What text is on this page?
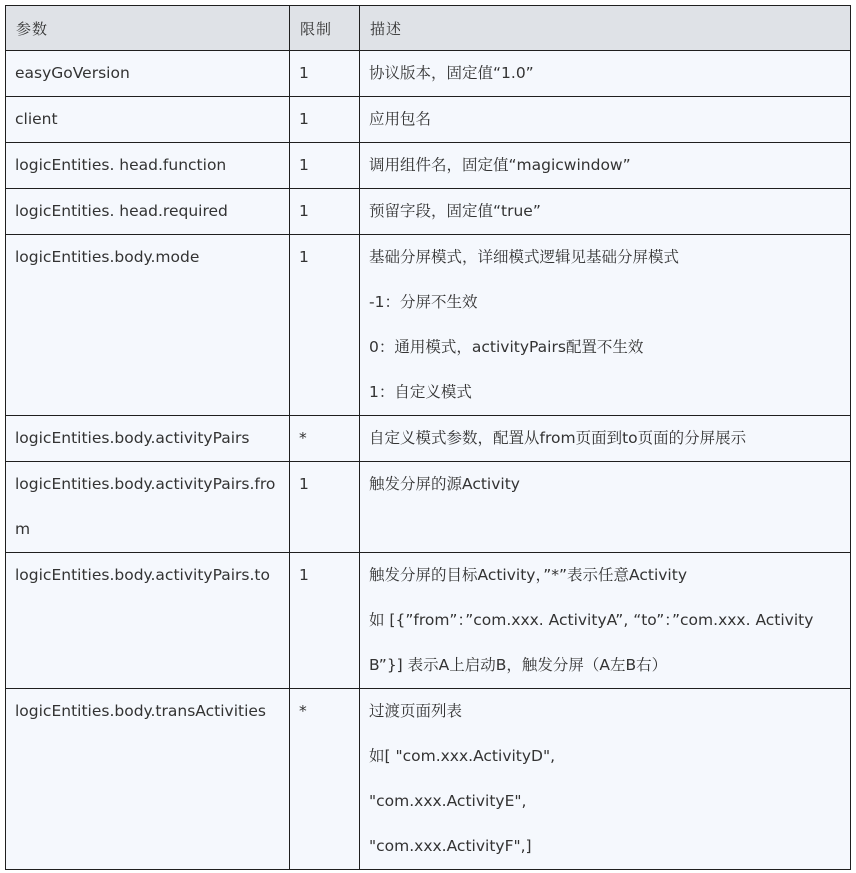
参数	限制	描述
easyGoVersion	1	协议版本，固定值“1.0”

client	1	应用包名

logicEntities. head.function	1	调用组件名，固定值“magicwindow”

logicEntities. head.required	1	预留字段，固定值“true”

logicEntities.body.mode	1	基础分屏模式，详细模式逻辑见基础分屏模式
-1：分屏不生效
0：通用模式，activityPairs配置不生效
1：自定义模式

logicEntities.body.activityPairs	*	自定义模式参数，配置从from页面到to页面的分屏展示

logicEntities.body.activityPairs.from	1	触发分屏的源Activity

logicEntities.body.activityPairs.to	1	触发分屏的目标Activity，”*”表示任意Activity
如 [{”from”：”com.xxx. ActivityA”, “to”：”com.xxx. ActivityB”}] 表示A上启动B，触发分屏（A左B右）

logicEntities.body.transActivities	*	过渡页面列表
如[ "com.xxx.ActivityD",
"com.xxx.ActivityE",
"com.xxx.ActivityF",]
